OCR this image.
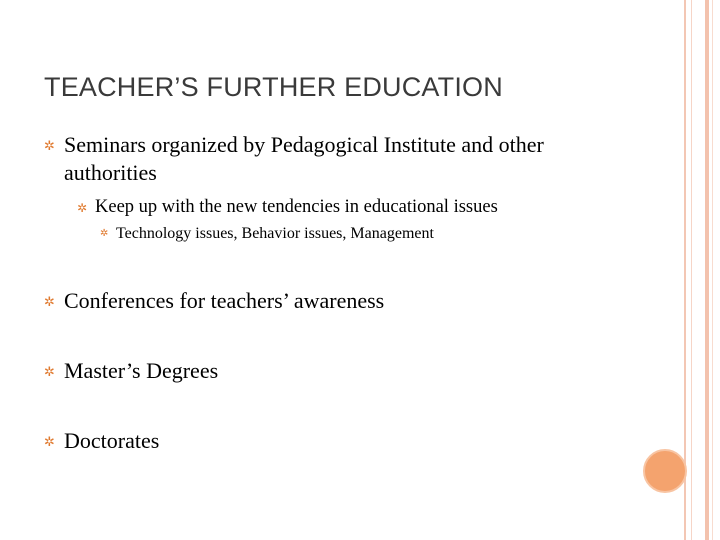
TEACHER’S FURTHER EDUCATION
✲ Seminars organized by Pedagogical Institute and other authorities
✲ Keep up with the new tendencies in educational issues
✲ Technology issues, Behavior issues, Management
✲ Conferences for teachers’ awareness
✲ Master’s Degrees
✲ Doctorates
